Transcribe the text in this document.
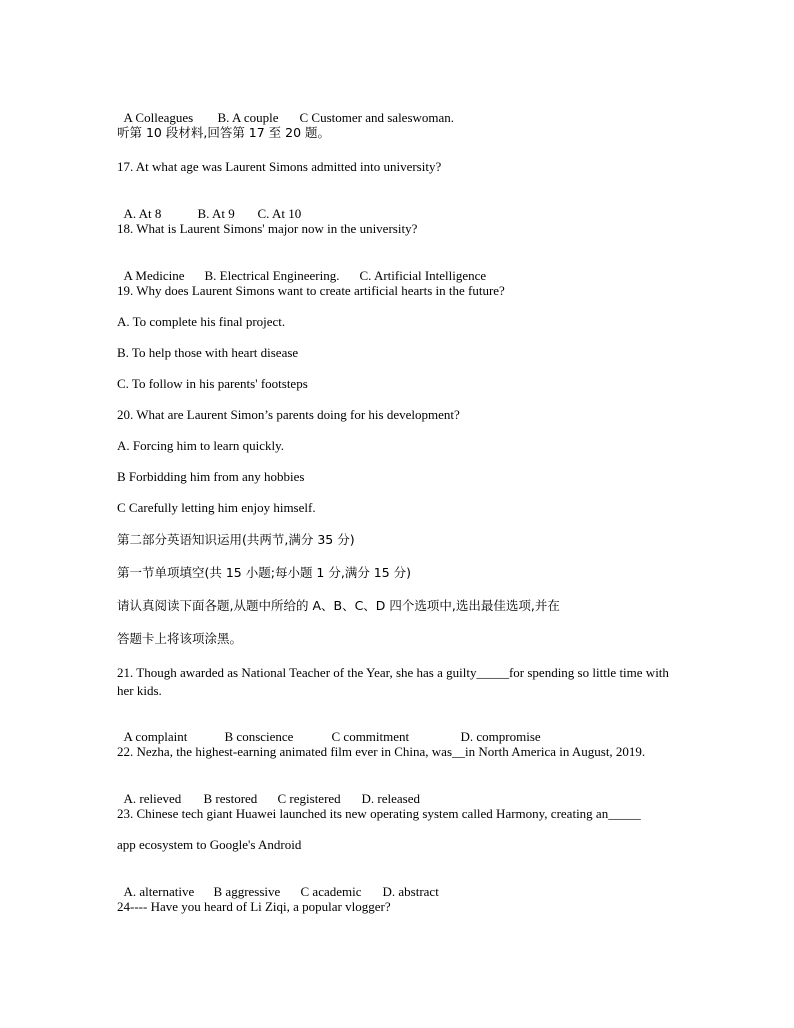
A Colleagues B. A couple C Customer and saleswoman.

听第 10 段材料,回答第 17 至 20 题。
17. At what age was Laurent Simons admitted into university?

A. At 8	B. At 9 C. At 10

18. What is Laurent Simons' major now in the university?

A Medicine B. Electrical Engineering. C. Artificial Intelligence

19. Why does Laurent Simons want to create artificial hearts in the future?
A. To complete his final project.
B. To help those with heart disease
C. To follow in his parents' footsteps
20. What are Laurent Simon’s parents doing for his development?
A. Forcing him to learn quickly.
B Forbidding him from any hobbies
C Carefully letting him enjoy himself.
第二部分英语知识运用(共两节,满分 35 分)
第一节单项填空(共 15 小题;每小题 1 分,满分 15 分)
请认真阅读下面各题,从题中所给的 A、B、C、D 四个选项中,选出最佳选项,并在
答题卡上将该项涂黑。
21. Though awarded as National Teacher of the Year, she has a guilty_____for spending so little time with her kids.

A complaint	B conscience	C commitment	D. compromise

22. Nezha, the highest-earning animated film ever in China, was__in North America in August, 2019.

A. relieved B restored C registered D. released

23. Chinese tech giant Huawei launched its new operating system called Harmony, creating an_____
app ecosystem to Google's Android

A. alternative B aggressive C academic D. abstract

24---- Have you heard of Li Ziqi, a popular vlogger?
